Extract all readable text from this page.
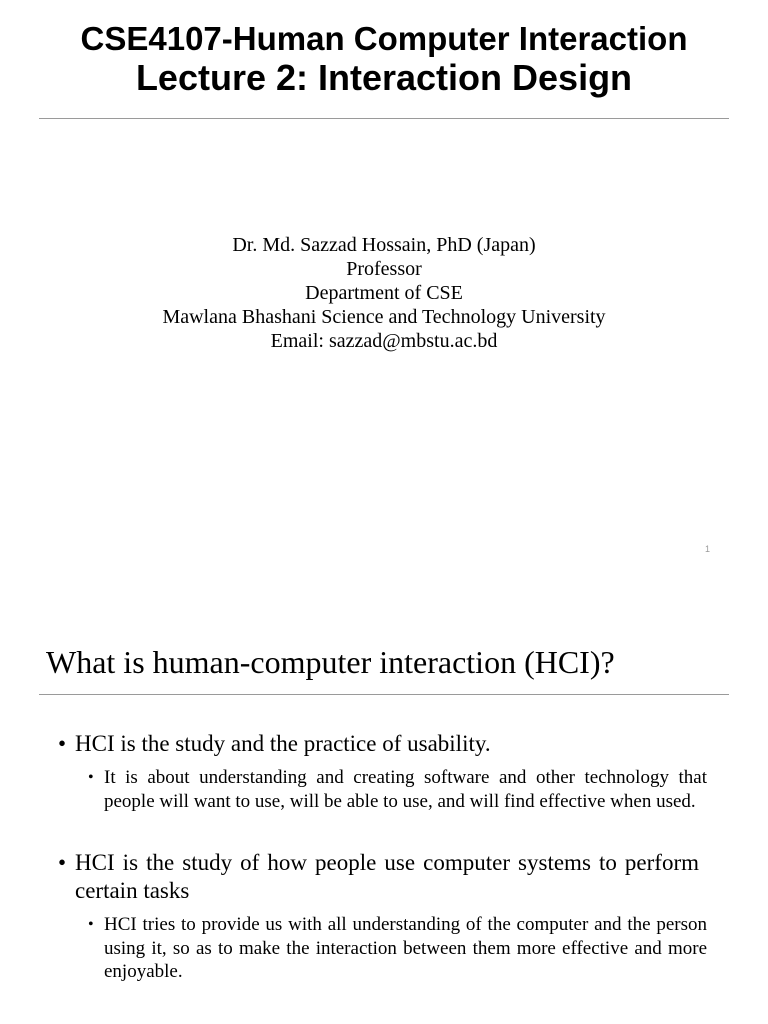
CSE4107-Human Computer Interaction
Lecture 2: Interaction Design
Dr. Md. Sazzad Hossain, PhD (Japan)
Professor
Department of CSE
Mawlana Bhashani Science and Technology University
Email: sazzad@mbstu.ac.bd
1
What is human-computer interaction (HCI)?
• HCI is the study and the practice of usability.
• It is about understanding and creating software and other technology that people will want to use, will be able to use, and will find effective when used.
• HCI is the study of how people use computer systems to perform certain tasks
• HCI tries to provide us with all understanding of the computer and the person using it, so as to make the interaction between them more effective and more enjoyable.
